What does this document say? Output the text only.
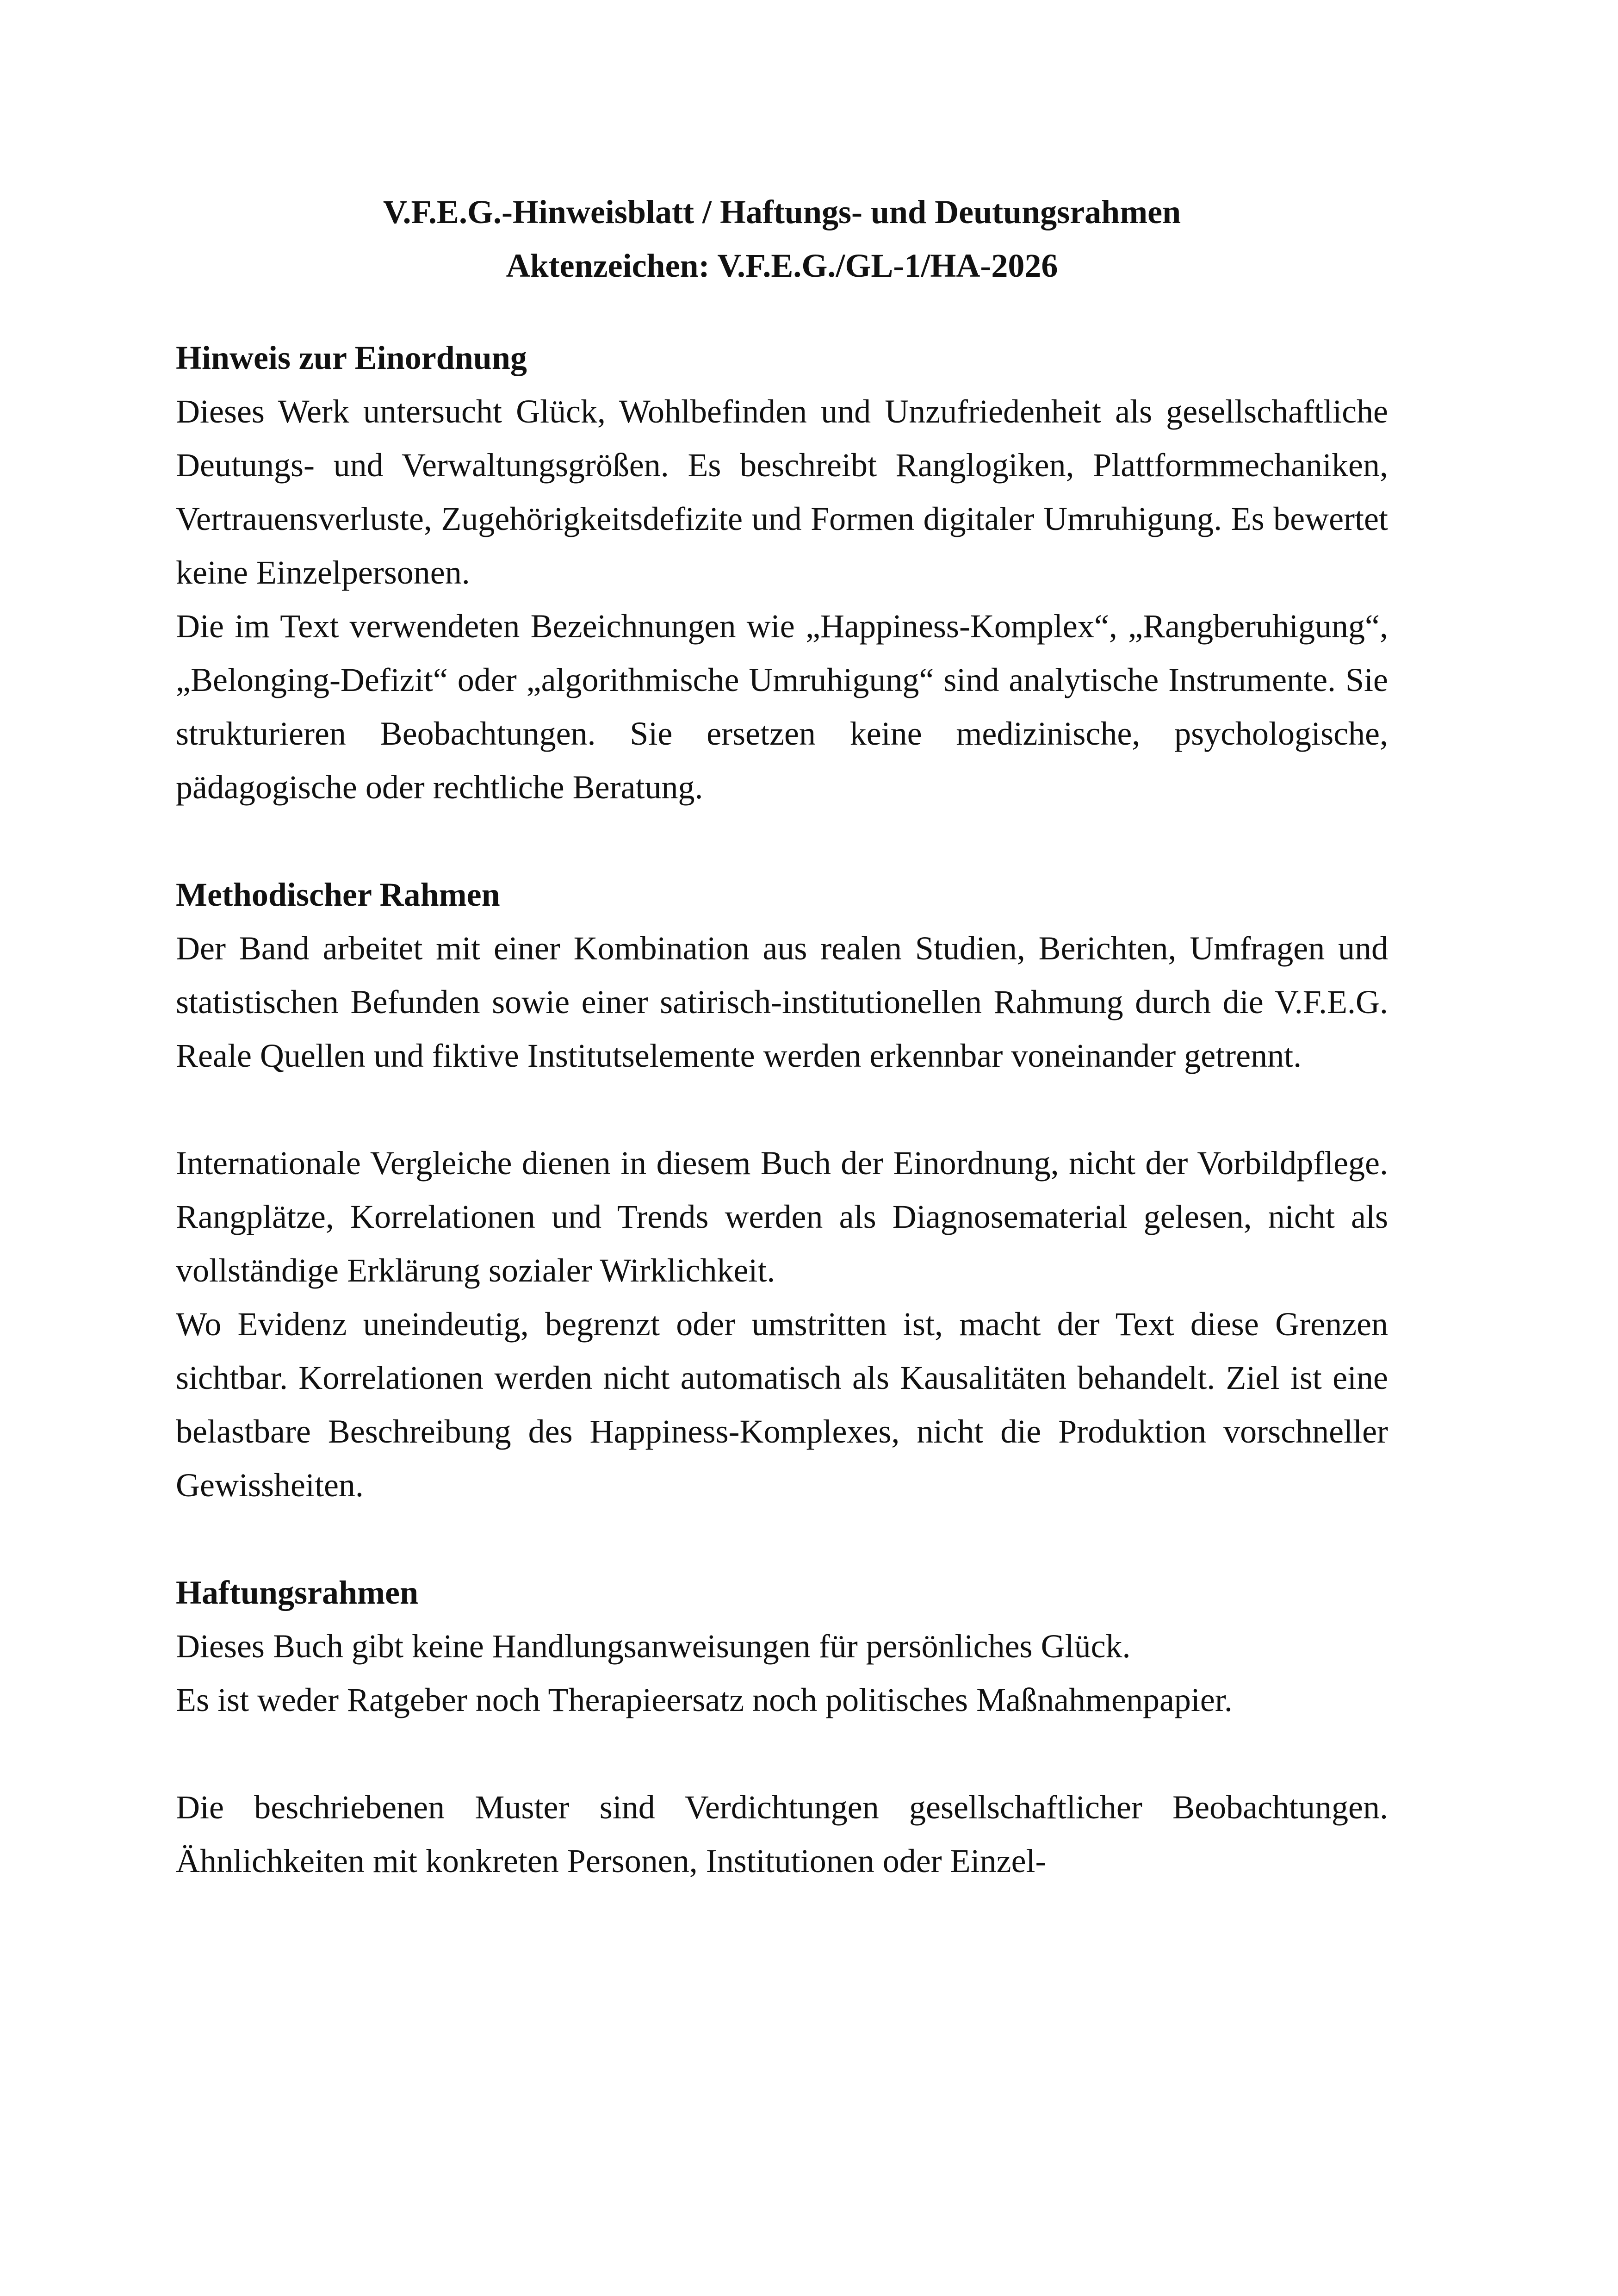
V.F.E.G.-Hinweisblatt / Haftungs- und Deutungsrahmen
Aktenzeichen: V.F.E.G./GL-1/HA-2026

Hinweis zur Einordnung

Dieses Werk untersucht Glück, Wohlbefinden und Unzufriedenheit als gesellschaftliche Deutungs- und Verwaltungsgrößen. Es beschreibt Ranglogiken, Plattformmechaniken, Vertrauensverluste, Zugehörigkeitsdefizite und Formen digitaler Umruhigung. Es bewertet keine Einzelpersonen.

Die im Text verwendeten Bezeichnungen wie „Happiness-Komplex“, „Rangberuhigung“, „Belonging-Defizit“ oder „algorithmische Umruhigung“ sind analytische Instrumente. Sie strukturieren Beobachtungen. Sie ersetzen keine medizinische, psychologische, pädagogische oder rechtliche Beratung.

Methodischer Rahmen

Der Band arbeitet mit einer Kombination aus realen Studien, Berichten, Umfragen und statistischen Befunden sowie einer satirisch-institutionellen Rahmung durch die V.F.E.G. Reale Quellen und fiktive Institutselemente werden erkennbar voneinander getrennt.

Internationale Vergleiche dienen in diesem Buch der Einordnung, nicht der Vorbildpflege. Rangplätze, Korrelationen und Trends werden als Diagnosematerial gelesen, nicht als vollständige Erklärung sozialer Wirklichkeit.

Wo Evidenz uneindeutig, begrenzt oder umstritten ist, macht der Text diese Grenzen sichtbar. Korrelationen werden nicht automatisch als Kausalitäten behandelt. Ziel ist eine belastbare Beschreibung des Happiness-Komplexes, nicht die Produktion vorschneller Gewissheiten.

Haftungsrahmen

Dieses Buch gibt keine Handlungsanweisungen für persönliches Glück.

Es ist weder Ratgeber noch Therapieersatz noch politisches Maßnahmenpapier.

Die beschriebenen Muster sind Verdichtungen gesellschaftlicher Beobachtungen. Ähnlichkeiten mit konkreten Personen, Institutionen oder Einzel-
